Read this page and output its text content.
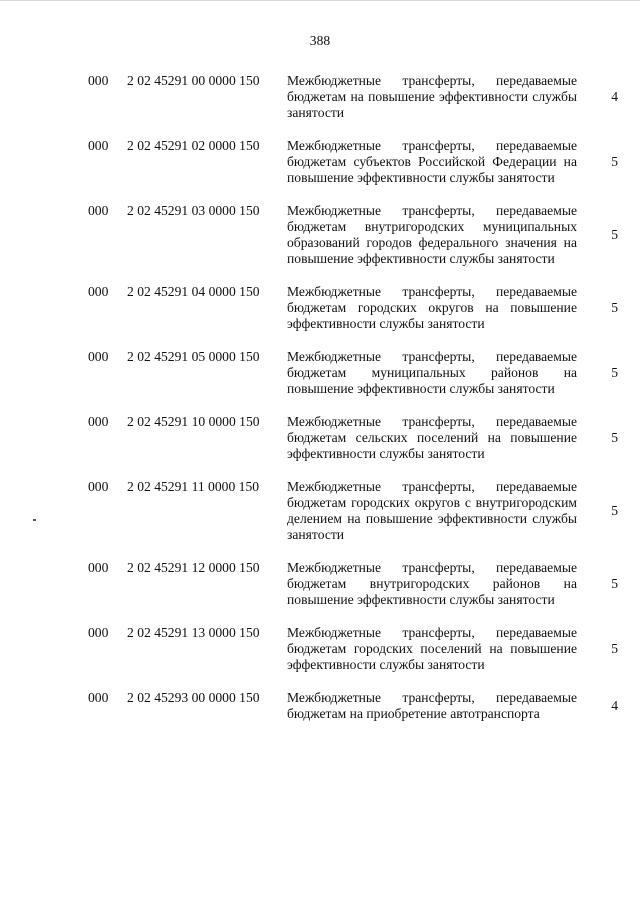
388
000	2 02 45291 00 0000 150	Межбюджетные трансферты, передаваемые бюджетам на повышение эффективности службы занятости
4
000	2 02 45291 02 0000 150	Межбюджетные трансферты, передаваемые бюджетам субъектов Российской Федерации на повышение эффективности службы занятости
5
000	2 02 45291 03 0000 150	Межбюджетные трансферты, передаваемые бюджетам внутригородских муниципальных образований городов федерального значения на повышение эффективности службы занятости
5
000	2 02 45291 04 0000 150	Межбюджетные трансферты, передаваемые бюджетам городских округов на повышение эффективности службы занятости
5
000	2 02 45291 05 0000 150	Межбюджетные трансферты, передаваемые бюджетам муниципальных районов на повышение эффективности службы занятости
5
000	2 02 45291 10 0000 150	Межбюджетные трансферты, передаваемые бюджетам сельских поселений на повышение эффективности службы занятости
5
000	2 02 45291 11 0000 150	Межбюджетные трансферты, передаваемые бюджетам городских округов с внутригородским делением на повышение эффективности службы занятости
5
000	2 02 45291 12 0000 150	Межбюджетные трансферты, передаваемые бюджетам внутригородских районов на повышение эффективности службы занятости
5
000	2 02 45291 13 0000 150	Межбюджетные трансферты, передаваемые бюджетам городских поселений на повышение эффективности службы занятости
5
000	2 02 45293 00 0000 150	Межбюджетные трансферты, передаваемые бюджетам на приобретение автотранспорта
4
